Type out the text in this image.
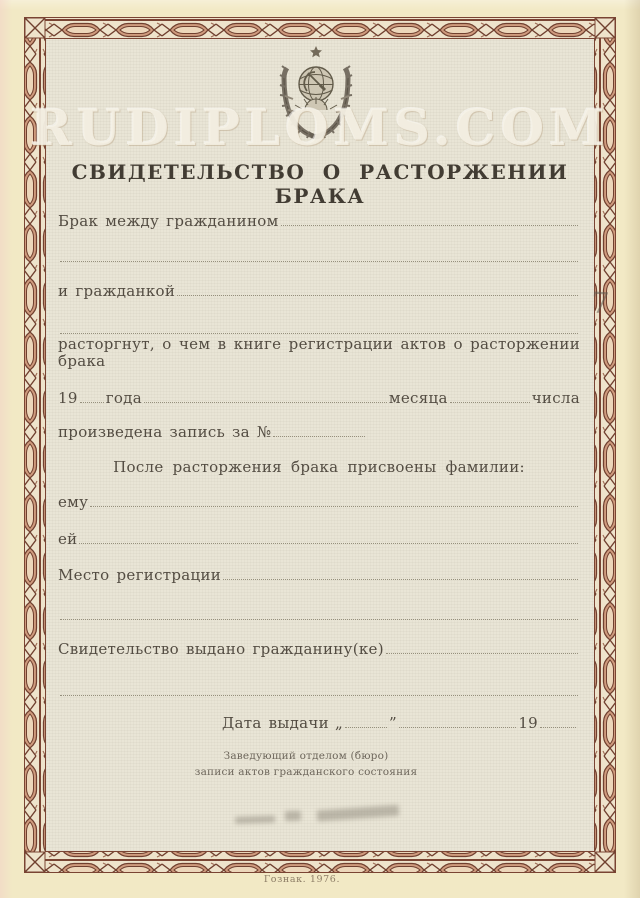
RUDIPLOMS.COM
СВИДЕТЕЛЬСТВО О РАСТОРЖЕНИИ БРАКА
Брак между гражданином
и гражданкой
расторгнут, о чем в книге регистрации актов о расторжении брака
19 года	месяца	числа
произведена запись за №
После расторжения брака присвоены фамилии:
ему
ей
Место регистрации
Свидетельство выдано гражданину(ке)
Дата выдачи „	”	19
Заведующий отделом (бюро)
записи актов гражданского состояния
7
Гознак. 1976.
